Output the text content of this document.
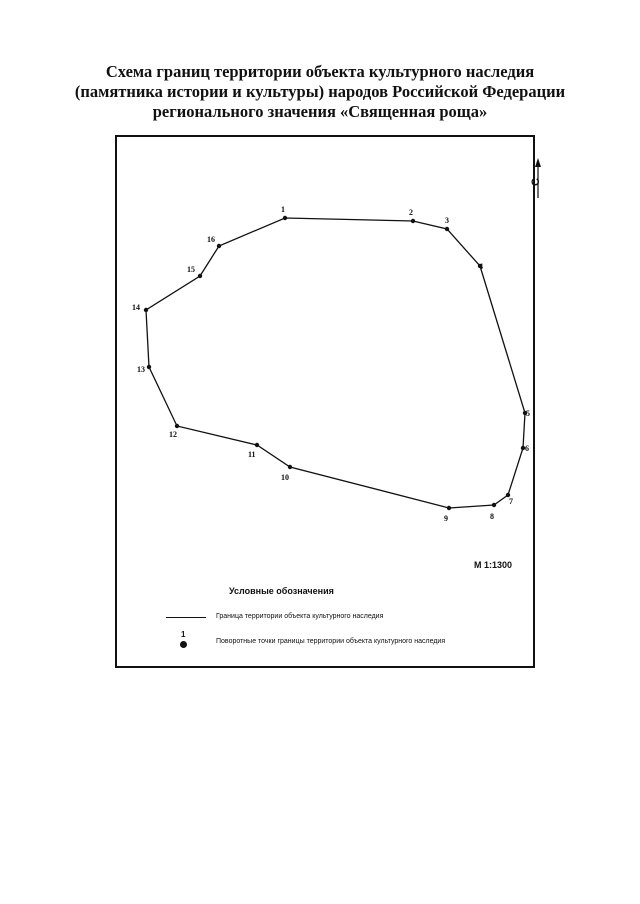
Схема границ территории объекта культурного наследия
(памятника истории и культуры) народов Российской Федерации
регионального значения «Священная роща»
С
1	2
3
4
5
6
7
8
9
10
11
12
13
14
15
16
М 1:1300
Условные обозначения
Граница территории объекта культурного наследия
1
Поворотные точки границы территории объекта культурного наследия
